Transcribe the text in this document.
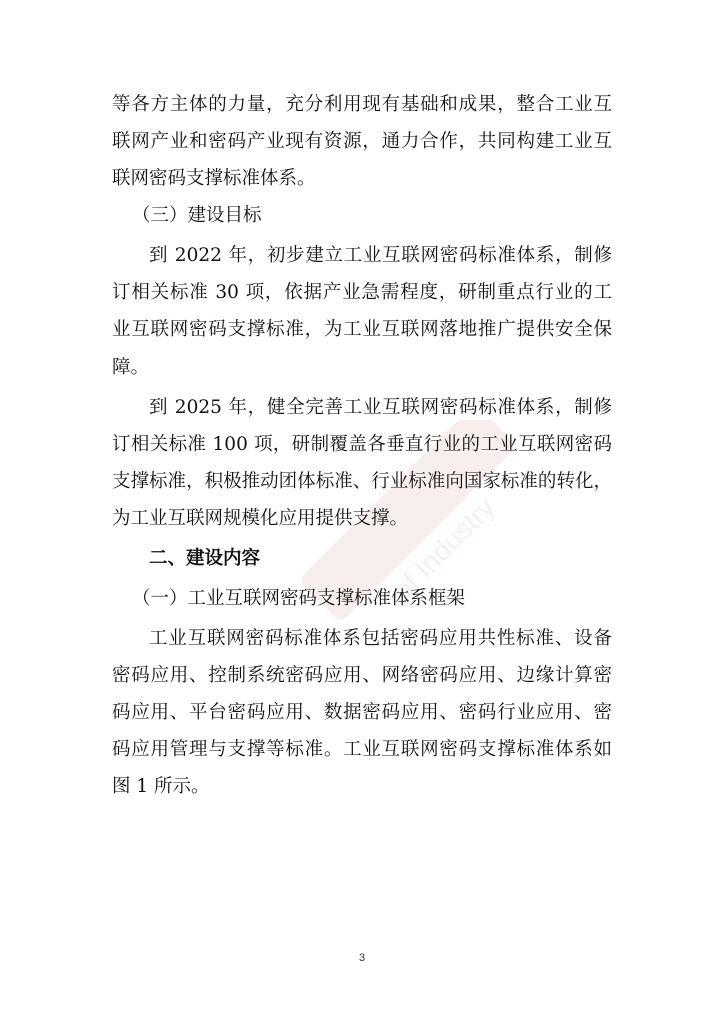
of Industry
等各方主体的力量，充分利用现有基础和成果，整合工业互
联网产业和密码产业现有资源，通力合作，共同构建工业互
联网密码支撑标准体系。
（三）建设目标
到 2022 年，初步建立工业互联网密码标准体系，制修
订相关标准 30 项，依据产业急需程度，研制重点行业的工
业互联网密码支撑标准，为工业互联网落地推广提供安全保
障。
到 2025 年，健全完善工业互联网密码标准体系，制修
订相关标准 100 项，研制覆盖各垂直行业的工业互联网密码
支撑标准，积极推动团体标准、行业标准向国家标准的转化，
为工业互联网规模化应用提供支撑。
二、建设内容
（一）工业互联网密码支撑标准体系框架
工业互联网密码标准体系包括密码应用共性标准、设备
密码应用、控制系统密码应用、网络密码应用、边缘计算密
码应用、平台密码应用、数据密码应用、密码行业应用、密
码应用管理与支撑等标准。工业互联网密码支撑标准体系如
图 1 所示。
3
